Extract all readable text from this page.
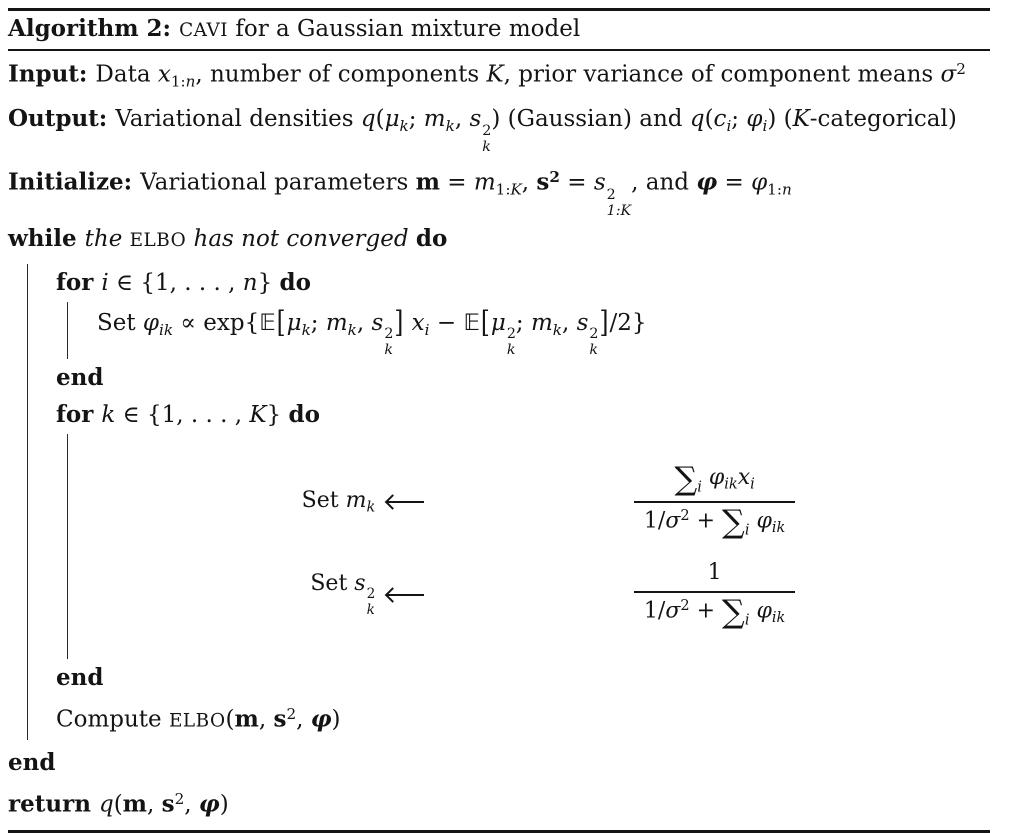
Algorithm 2: CAVI for a Gaussian mixture model
Input: Data $x_{1:n}$, number of components K, prior variance of component means $\sigma^2$
Output: Variational densities $q(\mu_k$; $m_k$, s 2
k
) (Gaussian) and $q(c_i$; $\varphi_i$) (K-categorical)
Initialize: Variational parameters $m = m_{1:K}$, $s^2 = s$ 2
1:K
, and $\varphi = \varphi_{1:n}$
while the ELBO has not converged do
for i ∈ {1, . . . , n} do
Set $\varphi_{ik}$ ∝ $\exp\{𝔼[\mu_k$; $m_k$, s 2
k
] $x_i$ − 𝔼[μ 2
k
; $m_k$, s 2
k
]/2}
end
for k ∈ {1, . . . , K} do
Set $m_k$	$\frac{\sum_i \varphi_{ik}x_i}{1/\sigma^2 + \sum_i \varphi_{ik}}$
Set s 2
k	$\frac{1}{1/\sigma^2 + \sum_i \varphi_{ik}}$
end
Compute ELBO(m, $s^2$, φ)
end
return q(m, $s^2$, φ)
